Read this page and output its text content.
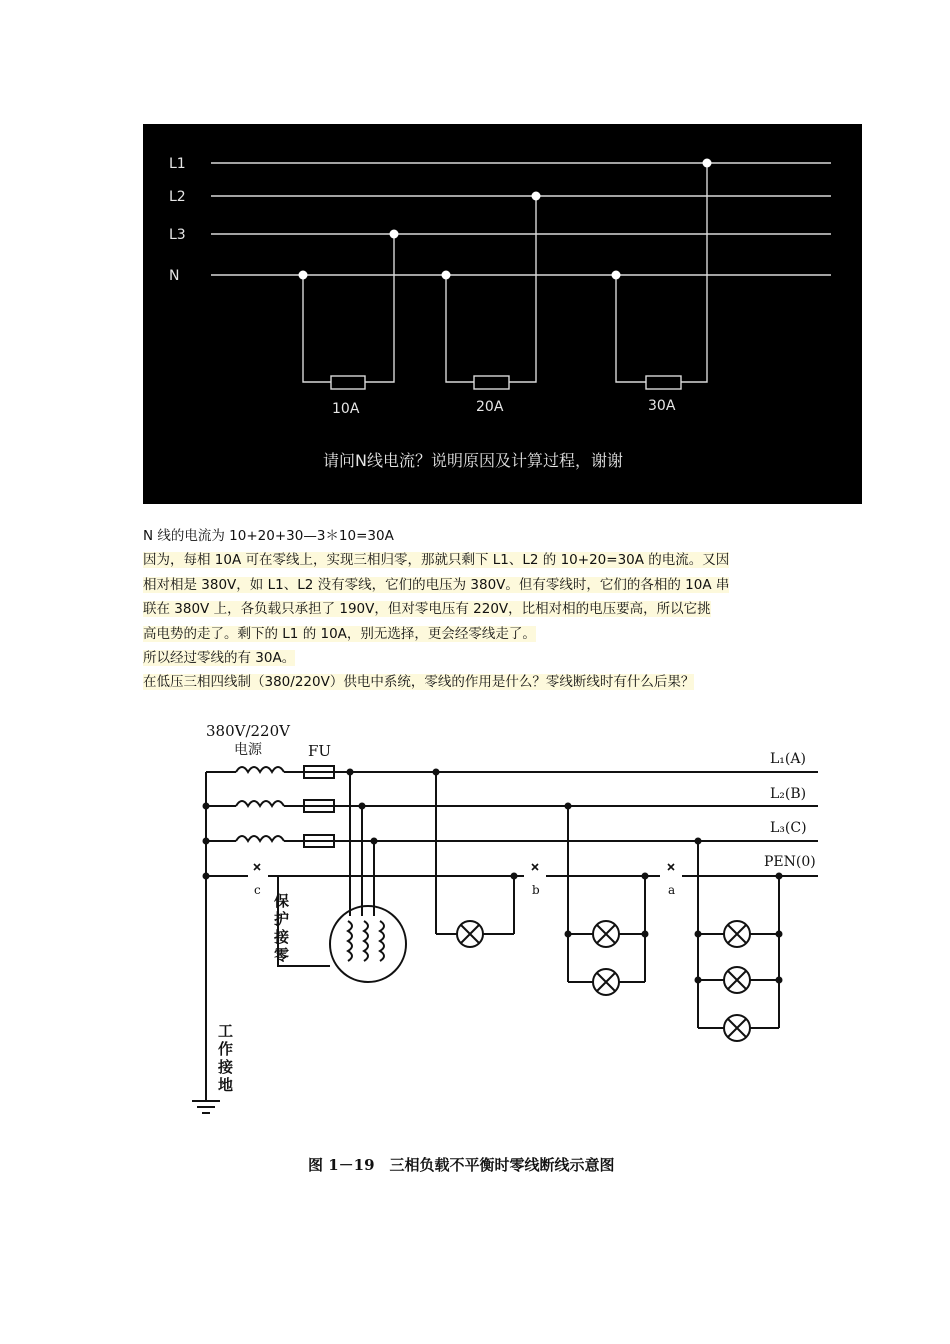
L1
L2
L3
N
10A	20A	30A
请问N线电流？说明原因及计算过程，谢谢
N 线的电流为 10+20+30—3＊10=30A
因为，每相 10A 可在零线上，实现三相归零，那就只剩下 L1、L2 的 10+20=30A 的电流。又因
相对相是 380V，如 L1、L2 没有零线，它们的电压为 380V。但有零线时，它们的各相的 10A 串
联在 380V 上，各负载只承担了 190V，但对零电压有 220V，比相对相的电压要高，所以它挑
高电势的走了。剩下的 L1 的 10A，别无选择，更会经零线走了。
所以经过零线的有 30A。
在低压三相四线制（380/220V）供电中系统，零线的作用是什么？零线断线时有什么后果？
380V/220V
电源	FU	L₁(A)
L₂(B)
L₃(C)
PEN(0)
c	b	a
保
护
接
零
工
作
接
地
图 1－19　三相负载不平衡时零线断线示意图
